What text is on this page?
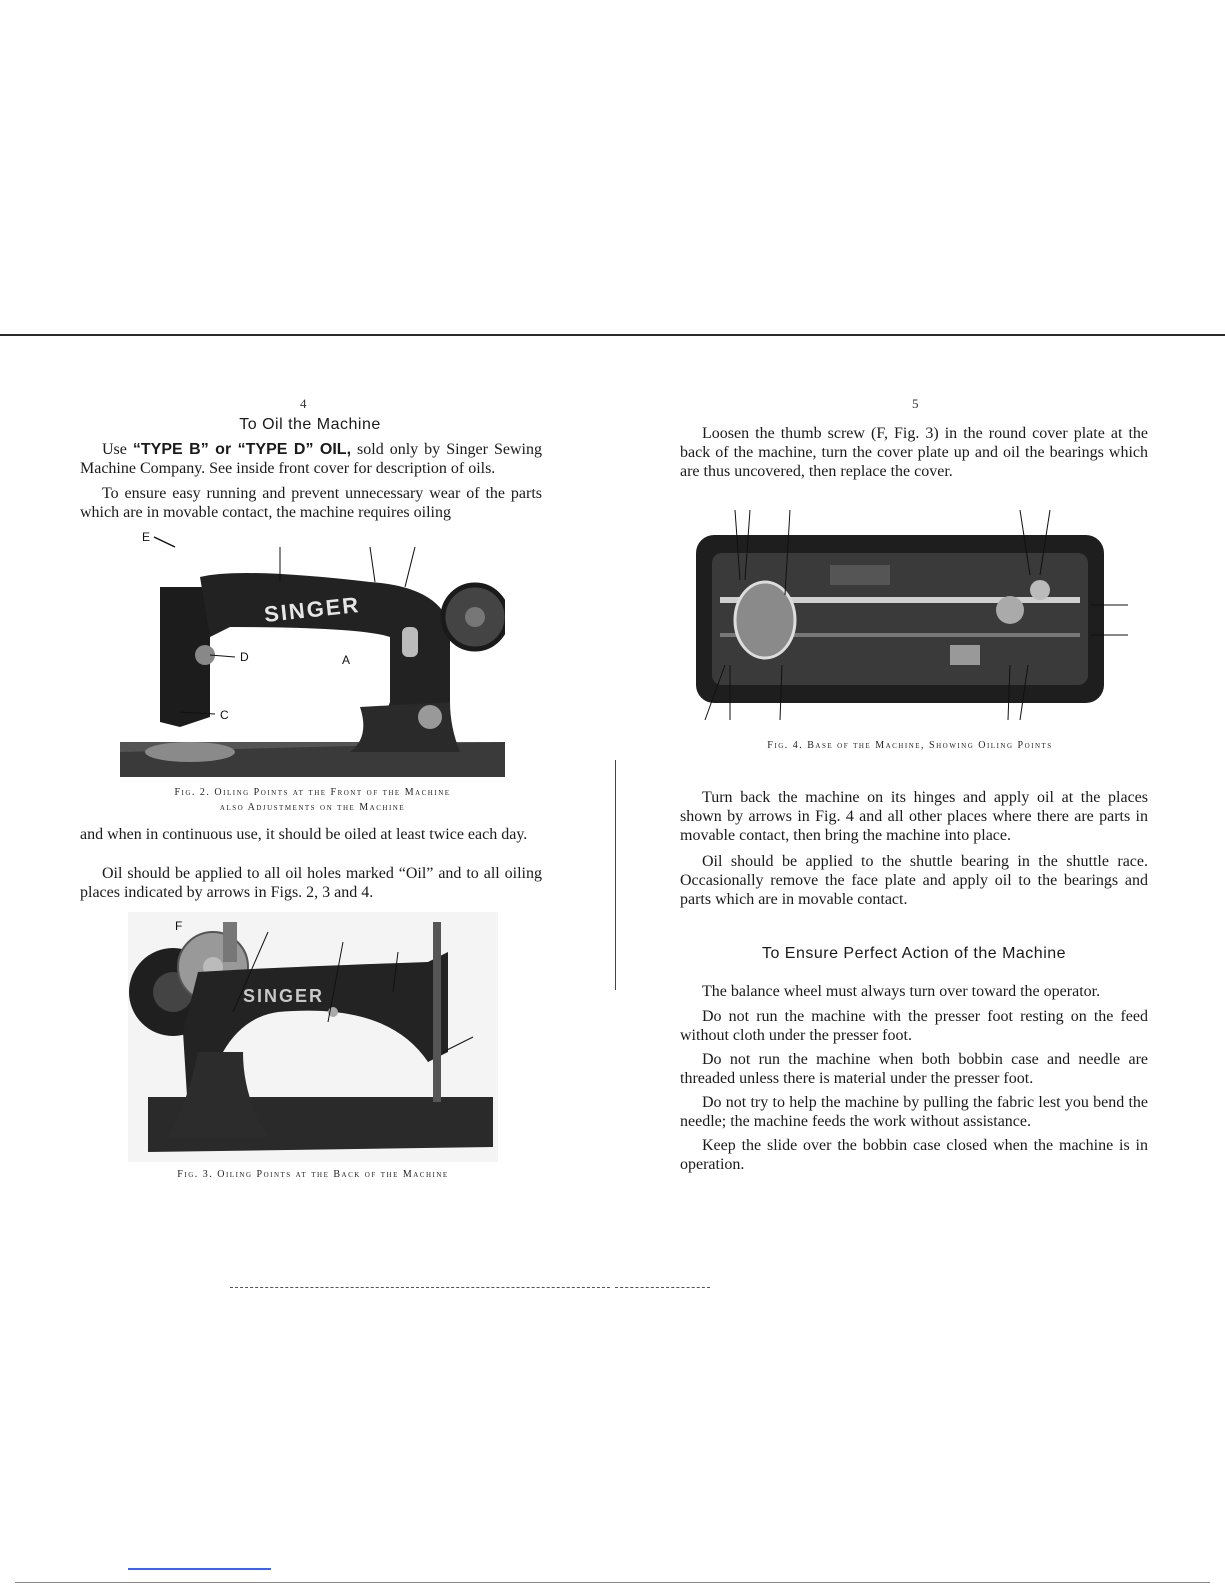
4
To Oil the Machine

Use “TYPE B” or “TYPE D” OIL, sold only by Singer Sewing Machine Company. See inside front cover for description of oils.

To ensure easy running and prevent unnecessary wear of the parts which are in movable contact, the machine requires oiling

SINGER
E
D	A
C
Fig. 2. Oiling Points at the Front of the Machine
also Adjustments on the Machine

and when in continuous use, it should be oiled at least twice each day.

Oil should be applied to all oil holes marked “Oil” and to all oiling places indicated by arrows in Figs. 2, 3 and 4.

SINGER
F
Fig. 3. Oiling Points at the Back of the Machine
5

Loosen the thumb screw (F, Fig. 3) in the round cover plate at the back of the machine, turn the cover plate up and oil the bearings which are thus uncovered, then replace the cover.

Fig. 4. Base of the Machine, Showing Oiling Points

Turn back the machine on its hinges and apply oil at the places shown by arrows in Fig. 4 and all other places where there are parts in movable contact, then bring the machine into place.

Oil should be applied to the shuttle bearing in the shuttle race. Occasionally remove the face plate and apply oil to the bearings and parts which are in movable contact.

To Ensure Perfect Action of the Machine

The balance wheel must always turn over toward the operator.

Do not run the machine with the presser foot resting on the feed without cloth under the presser foot.

Do not run the machine when both bobbin case and needle are threaded unless there is material under the presser foot.

Do not try to help the machine by pulling the fabric lest you bend the needle; the machine feeds the work without assistance.

Keep the slide over the bobbin case closed when the machine is in operation.
